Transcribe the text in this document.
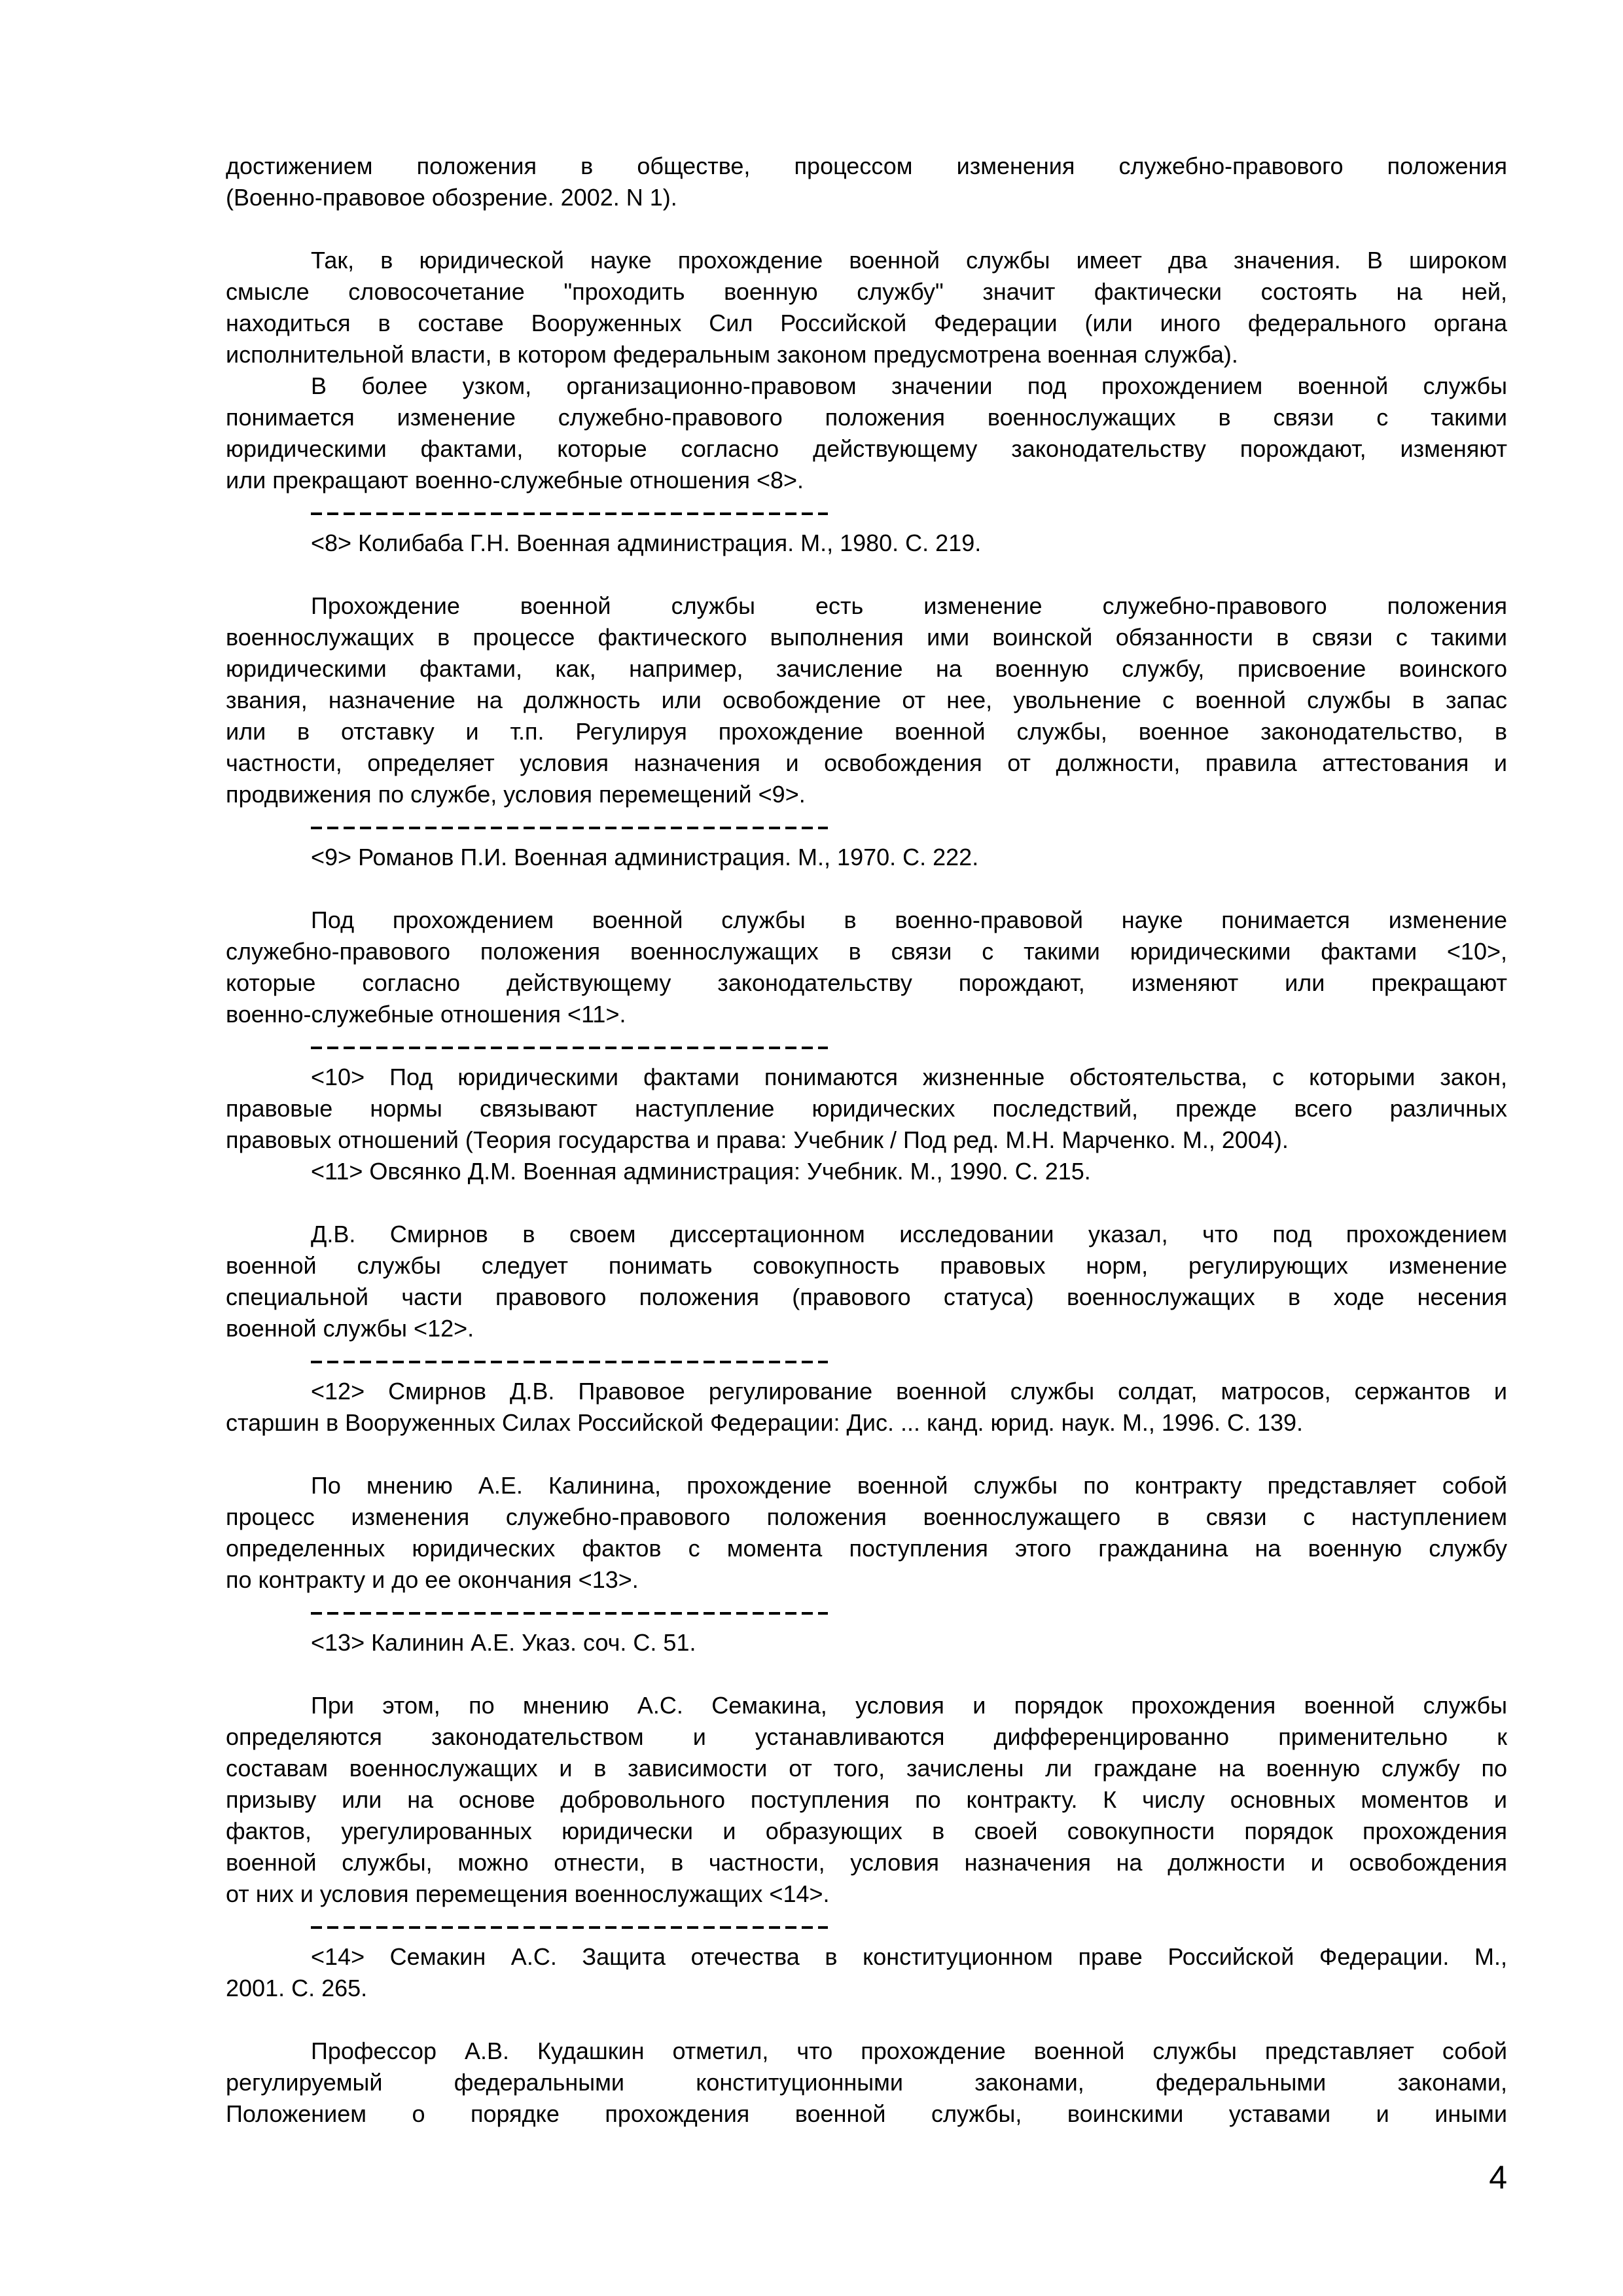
достижением положения в обществе, процессом изменения служебно-правового положения
(Военно-правовое обозрение. 2002. N 1).
Так, в юридической науке прохождение военной службы имеет два значения. В широком
смысле словосочетание "проходить военную службу" значит фактически состоять на ней,
находиться в составе Вооруженных Сил Российской Федерации (или иного федерального органа
исполнительной власти, в котором федеральным законом предусмотрена военная служба).
В более узком, организационно-правовом значении под прохождением военной службы
понимается изменение служебно-правового положения военнослужащих в связи с такими
юридическими фактами, которые согласно действующему законодательству порождают, изменяют
или прекращают военно-служебные отношения <8>.
<8> Колибаба Г.Н. Военная администрация. М., 1980. С. 219.
Прохождение военной службы есть изменение служебно-правового положения
военнослужащих в процессе фактического выполнения ими воинской обязанности в связи с такими
юридическими фактами, как, например, зачисление на военную службу, присвоение воинского
звания, назначение на должность или освобождение от нее, увольнение с военной службы в запас
или в отставку и т.п. Регулируя прохождение военной службы, военное законодательство, в
частности, определяет условия назначения и освобождения от должности, правила аттестования и
продвижения по службе, условия перемещений <9>.
<9> Романов П.И. Военная администрация. М., 1970. С. 222.
Под прохождением военной службы в военно-правовой науке понимается изменение
служебно-правового положения военнослужащих в связи с такими юридическими фактами <10>,
которые согласно действующему законодательству порождают, изменяют или прекращают
военно-служебные отношения <11>.
<10> Под юридическими фактами понимаются жизненные обстоятельства, с которыми закон,
правовые нормы связывают наступление юридических последствий, прежде всего различных
правовых отношений (Теория государства и права: Учебник / Под ред. М.Н. Марченко. М., 2004).
<11> Овсянко Д.М. Военная администрация: Учебник. М., 1990. С. 215.
Д.В. Смирнов в своем диссертационном исследовании указал, что под прохождением
военной службы следует понимать совокупность правовых норм, регулирующих изменение
специальной части правового положения (правового статуса) военнослужащих в ходе несения
военной службы <12>.
<12> Смирнов Д.В. Правовое регулирование военной службы солдат, матросов, сержантов и
старшин в Вооруженных Силах Российской Федерации: Дис. ... канд. юрид. наук. М., 1996. С. 139.
По мнению А.Е. Калинина, прохождение военной службы по контракту представляет собой
процесс изменения служебно-правового положения военнослужащего в связи с наступлением
определенных юридических фактов с момента поступления этого гражданина на военную службу
по контракту и до ее окончания <13>.
<13> Калинин А.Е. Указ. соч. С. 51.
При этом, по мнению А.С. Семакина, условия и порядок прохождения военной службы
определяются законодательством и устанавливаются дифференцированно применительно к
составам военнослужащих и в зависимости от того, зачислены ли граждане на военную службу по
призыву или на основе добровольного поступления по контракту. К числу основных моментов и
фактов, урегулированных юридически и образующих в своей совокупности порядок прохождения
военной службы, можно отнести, в частности, условия назначения на должности и освобождения
от них и условия перемещения военнослужащих <14>.
<14> Семакин А.С. Защита отечества в конституционном праве Российской Федерации. М.,
2001. С. 265.
Профессор А.В. Кудашкин отметил, что прохождение военной службы представляет собой
регулируемый федеральными конституционными законами, федеральными законами,
Положением о порядке прохождения военной службы, воинскими уставами и иными
4
